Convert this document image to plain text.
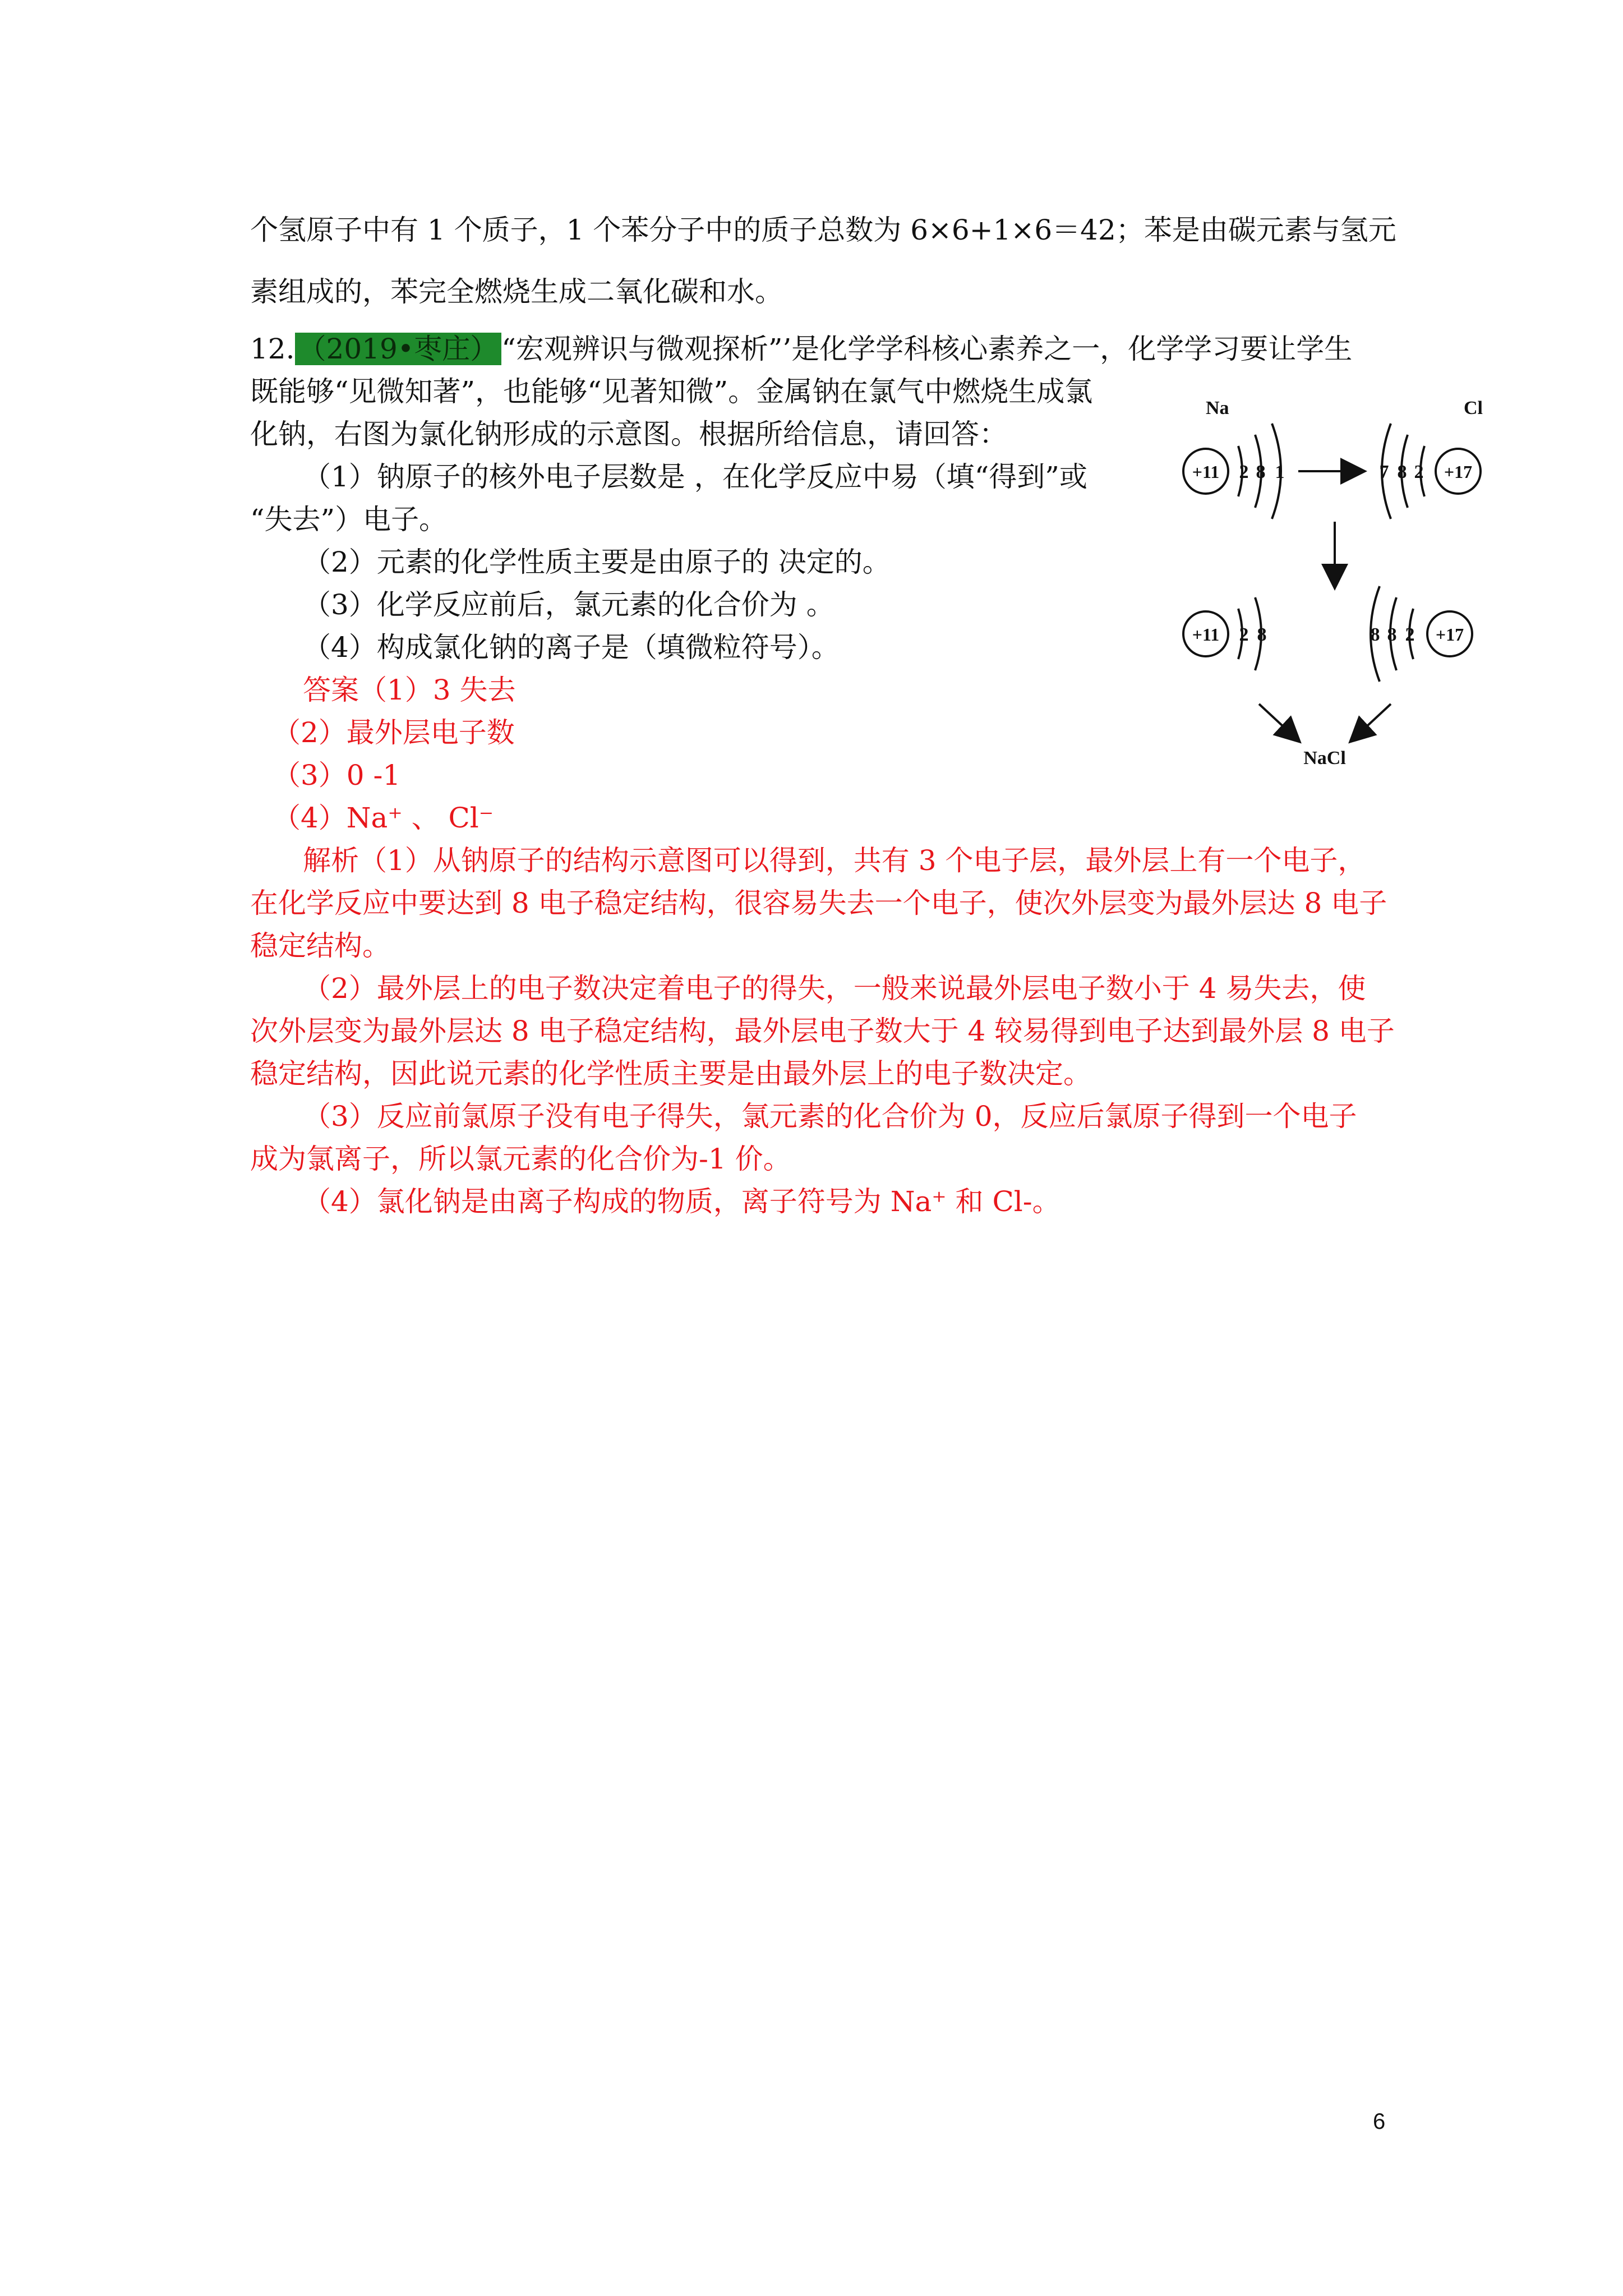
个氢原子中有 1 个质子，1 个苯分子中的质子总数为 6×6+1×6＝42；苯是由碳元素与氢元
素组成的，苯完全燃烧生成二氧化碳和水。
12. （2019•枣庄） “宏观辨识与微观探析”’是化学学科核心素养之一，化学学习要让学生
既能够“见微知著”，也能够“见著知微”。金属钠在氯气中燃烧生成氯
化钠，右图为氯化钠形成的示意图。根据所给信息，请回答：
（1）钠原子的核外电子层数是 ，在化学反应中易（填“得到”或
“失去”）电子。
（2）元素的化学性质主要是由原子的 决定的。
（3）化学反应前后，氯元素的化合价为 。
（4）构成氯化钠的离子是（填微粒符号）。
答案（1）3 失去
（2）最外层电子数
（3）0 -1
（4）Na⁺ 、 Cl⁻
解析（1）从钠原子的结构示意图可以得到，共有 3 个电子层，最外层上有一个电子，
在化学反应中要达到 8 电子稳定结构，很容易失去一个电子，使次外层变为最外层达 8 电子
稳定结构。
（2）最外层上的电子数决定着电子的得失，一般来说最外层电子数小于 4 易失去，使
次外层变为最外层达 8 电子稳定结构，最外层电子数大于 4 较易得到电子达到最外层 8 电子
稳定结构，因此说元素的化学性质主要是由最外层上的电子数决定。
（3）反应前氯原子没有电子得失，氯元素的化合价为 0，反应后氯原子得到一个电子
成为氯离子，所以氯元素的化合价为-1 价。
（4）氯化钠是由离子构成的物质，离子符号为 Na⁺ 和 Cl-。
Na
+11 2 8 1
Cl
7 8 2 +17
+11 2 8	8 8 2 +17
NaCl
6
